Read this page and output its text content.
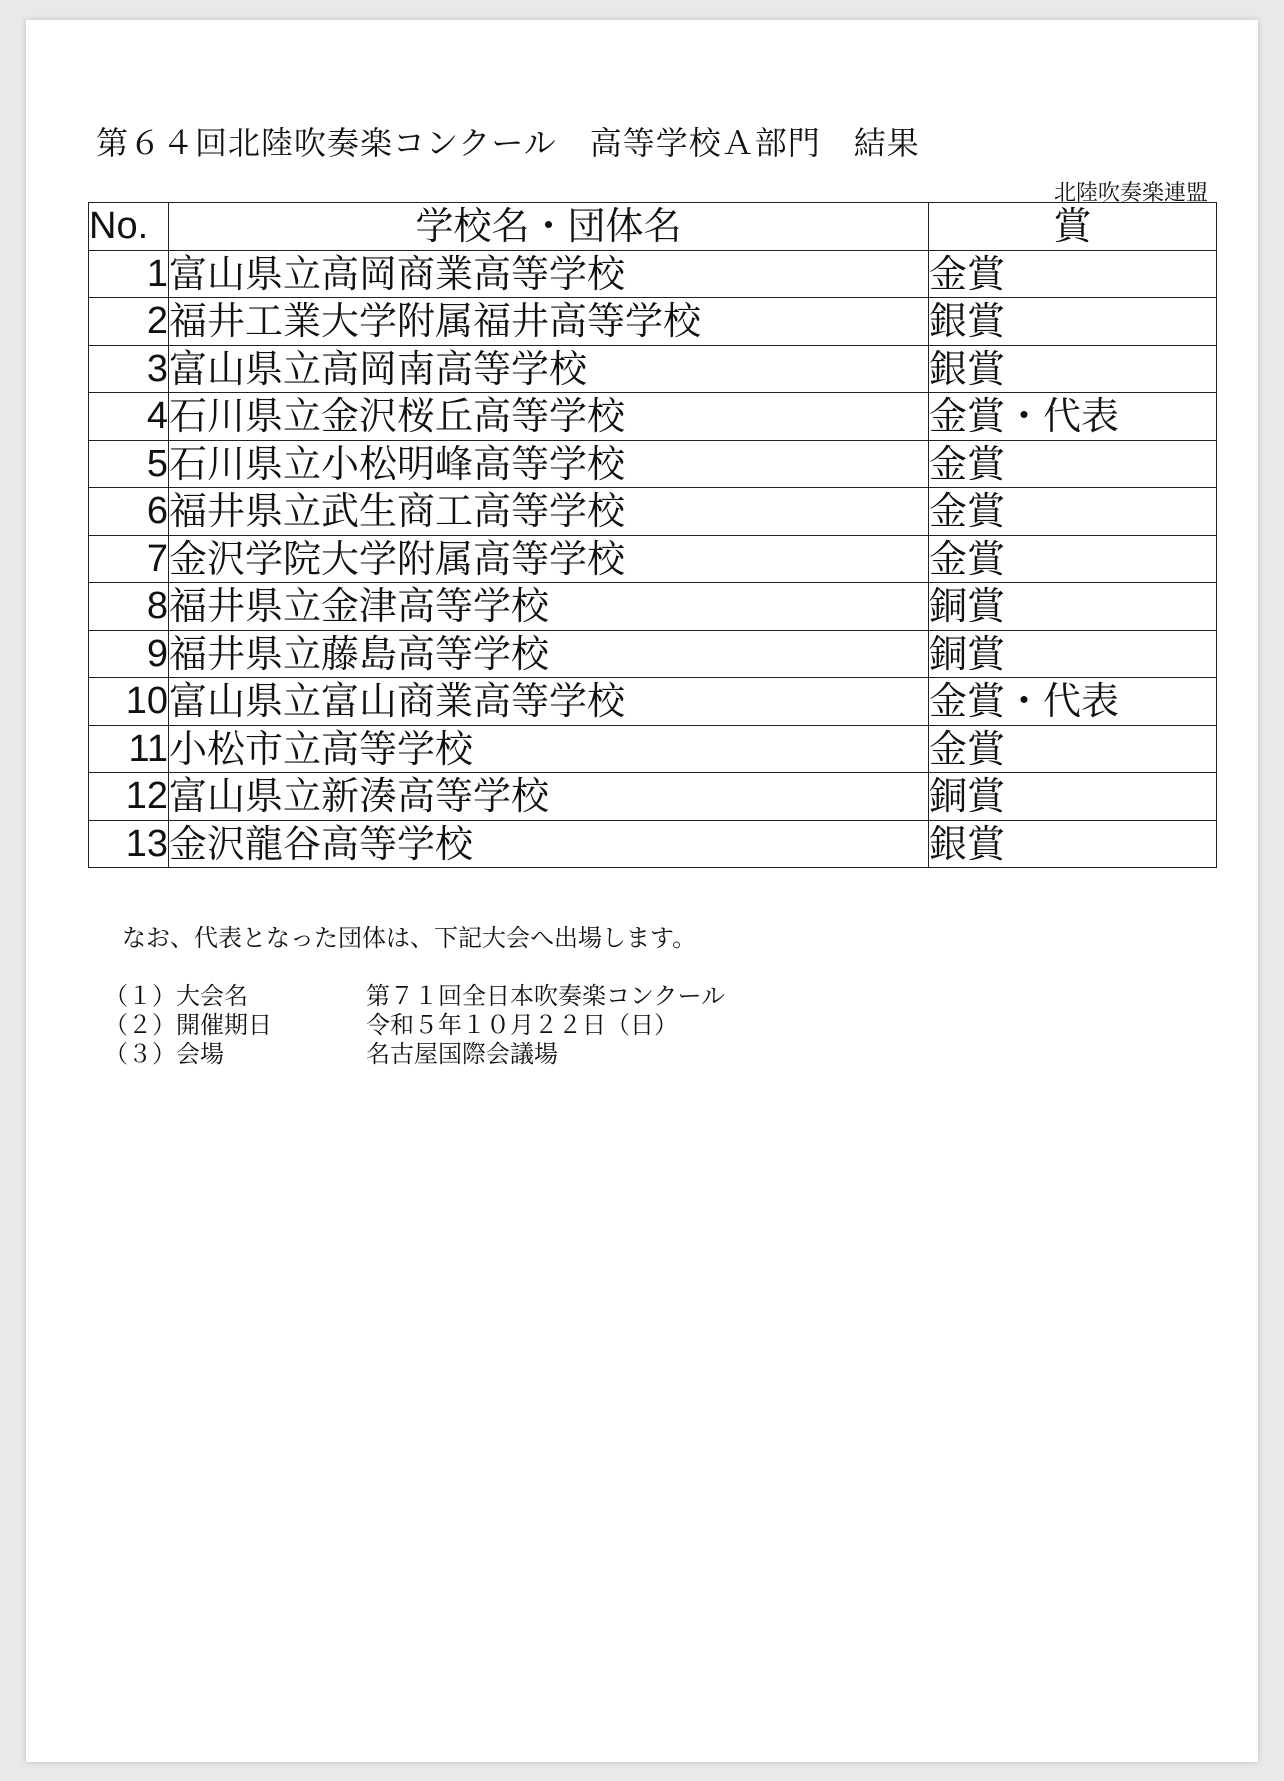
第６４回北陸吹奏楽コンクール　高等学校Ａ部門　結果
北陸吹奏楽連盟
No.	学校名・団体名	賞
1	富山県立高岡商業高等学校	金賞
2	福井工業大学附属福井高等学校	銀賞
3	富山県立高岡南高等学校	銀賞
4	石川県立金沢桜丘高等学校	金賞・代表
5	石川県立小松明峰高等学校	金賞
6	福井県立武生商工高等学校	金賞
7	金沢学院大学附属高等学校	金賞
8	福井県立金津高等学校	銅賞
9	福井県立藤島高等学校	銅賞
10	富山県立富山商業高等学校	金賞・代表
11	小松市立高等学校	金賞
12	富山県立新湊高等学校	銅賞
13	金沢龍谷高等学校	銀賞

なお、代表となった団体は、下記大会へ出場します。

（１）大会名	第７１回全日本吹奏楽コンクール
（２）開催期日	令和５年１０月２２日（日）
（３）会場	名古屋国際会議場
